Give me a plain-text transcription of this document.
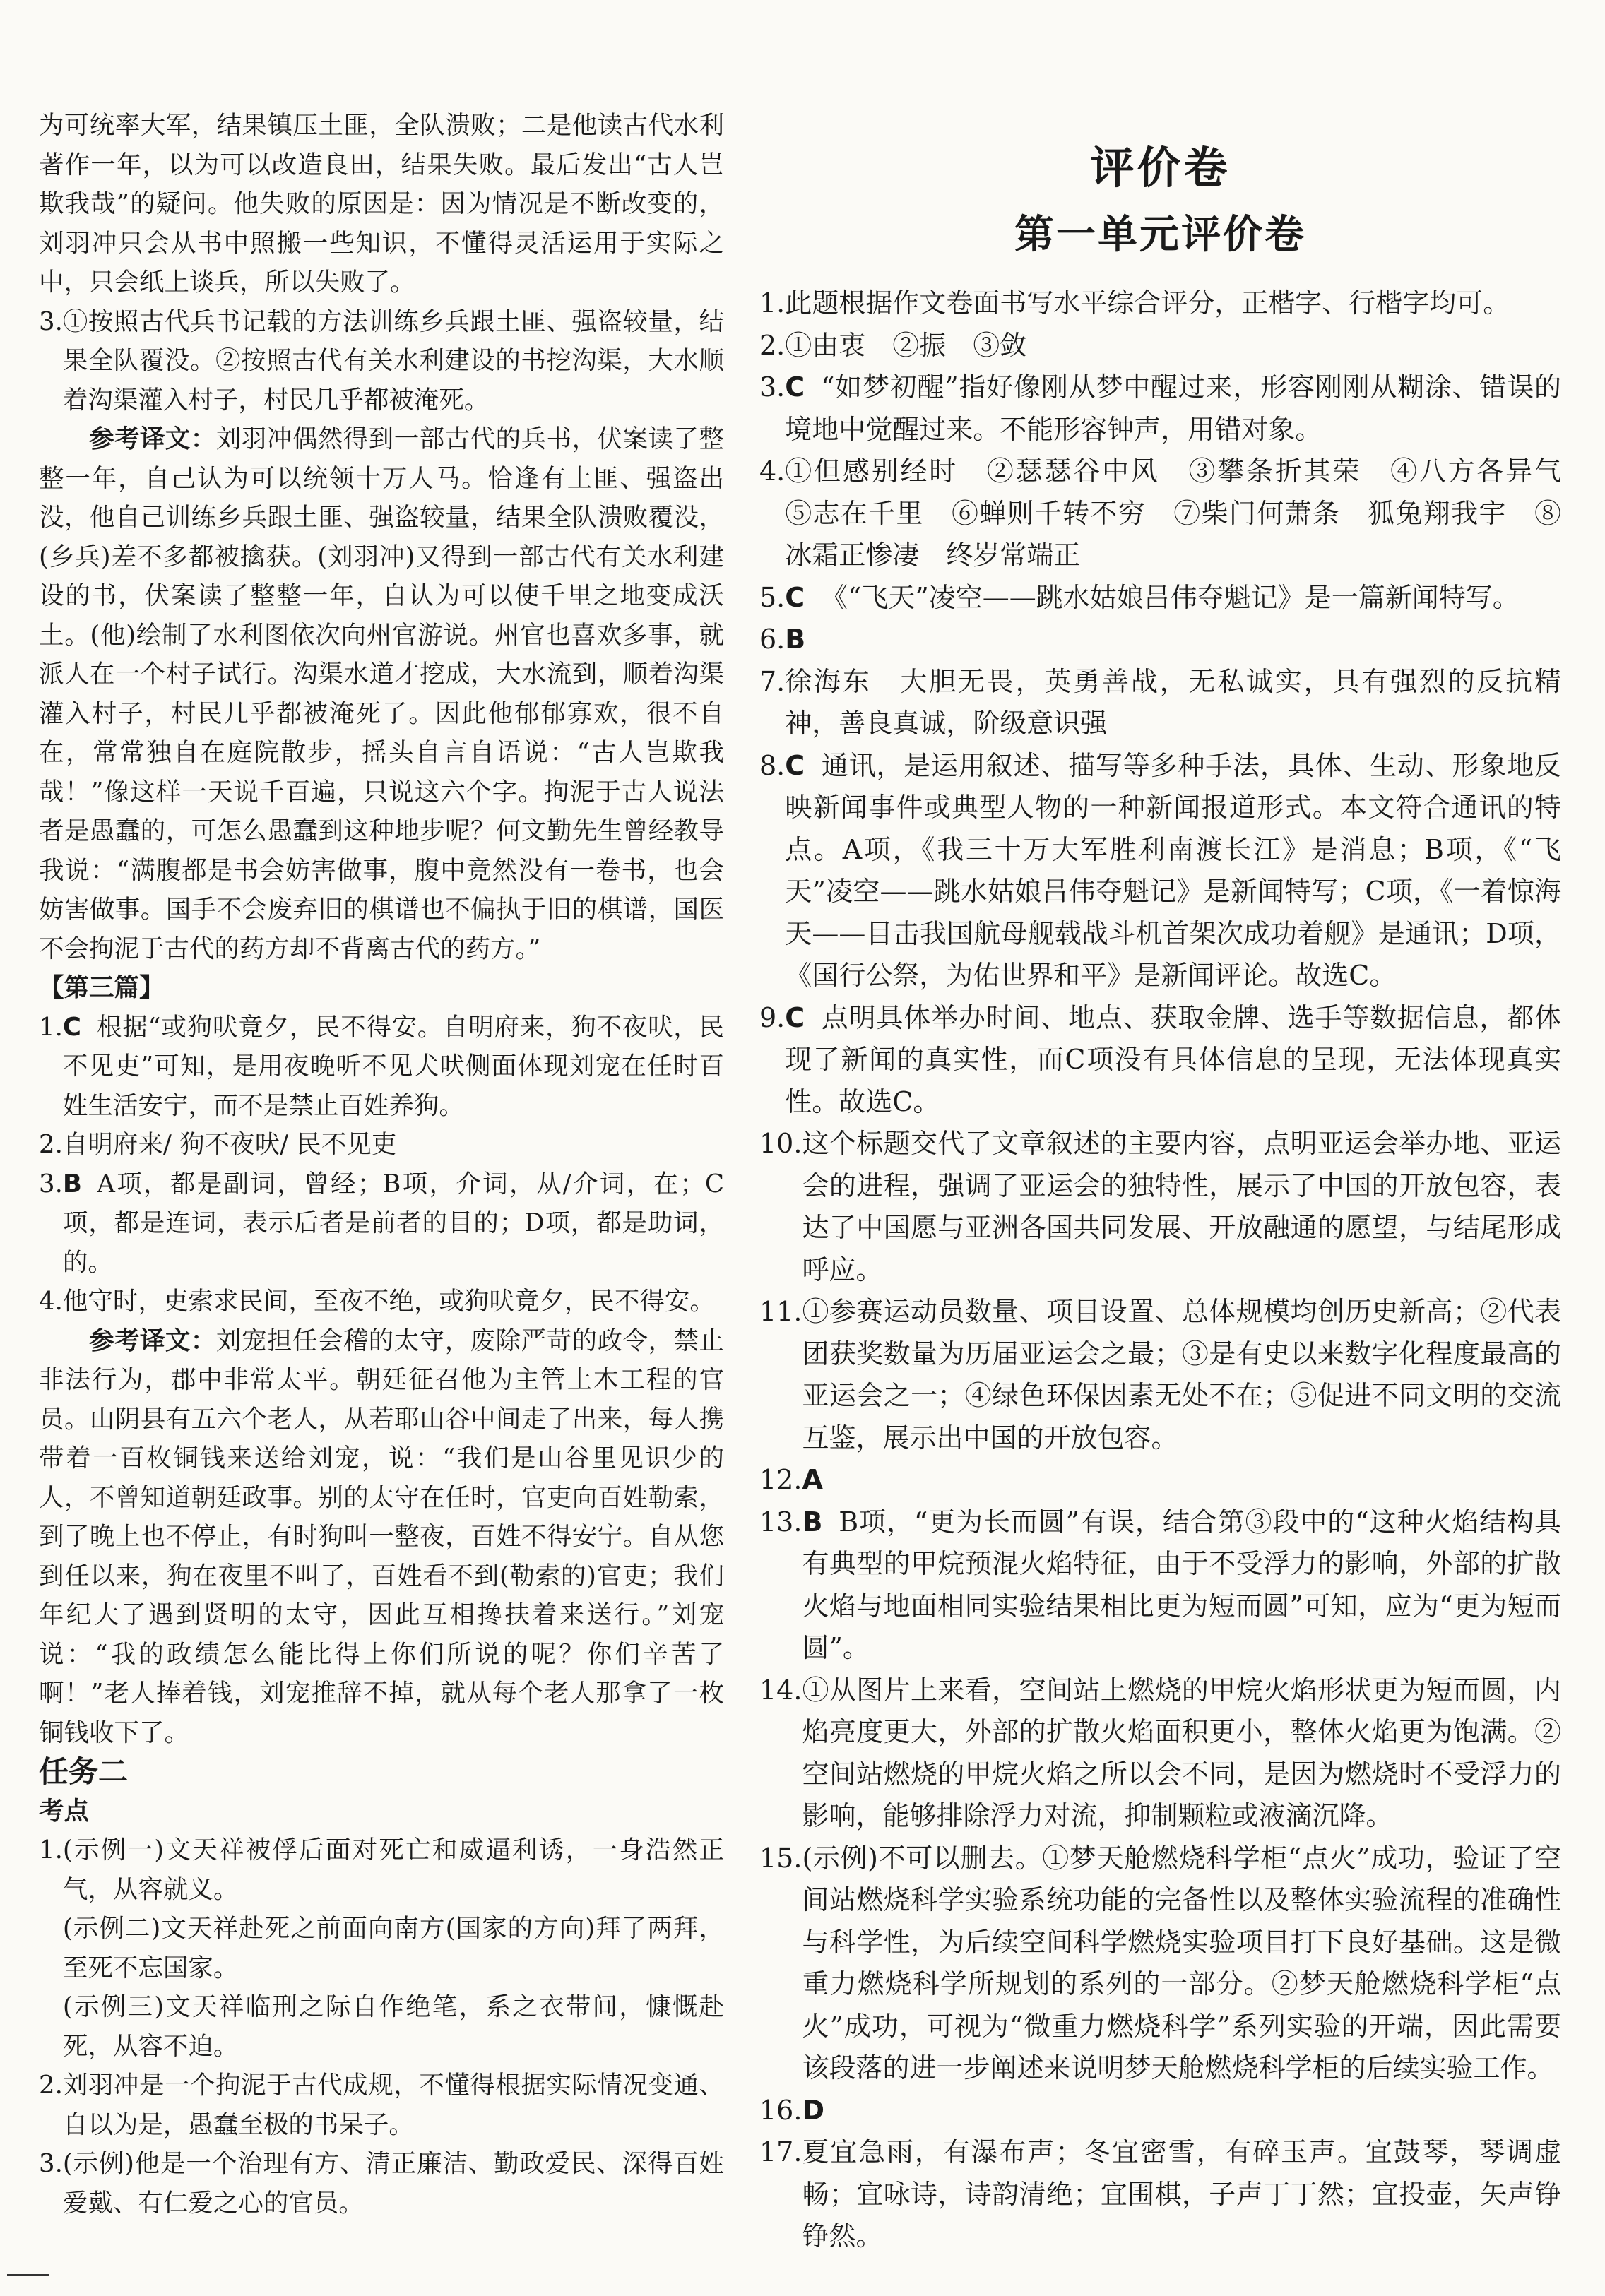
为可统率大军，结果镇压土匪，全队溃败；二是他读古代水利著作一年，以为可以改造良田，结果失败。最后发出“古人岂欺我哉”的疑问。他失败的原因是：因为情况是不断改变的，刘羽冲只会从书中照搬一些知识，不懂得灵活运用于实际之中，只会纸上谈兵，所以失败了。

3. ①按照古代兵书记载的方法训练乡兵跟土匪、强盗较量，结果全队覆没。②按照古代有关水利建设的书挖沟渠，大水顺着沟渠灌入村子，村民几乎都被淹死。

参考译文：刘羽冲偶然得到一部古代的兵书，伏案读了整整一年，自己认为可以统领十万人马。恰逢有土匪、强盗出没，他自己训练乡兵跟土匪、强盗较量，结果全队溃败覆没，(乡兵)差不多都被擒获。(刘羽冲)又得到一部古代有关水利建设的书，伏案读了整整一年，自认为可以使千里之地变成沃土。(他)绘制了水利图依次向州官游说。州官也喜欢多事，就派人在一个村子试行。沟渠水道才挖成，大水流到，顺着沟渠灌入村子，村民几乎都被淹死了。因此他郁郁寡欢，很不自在，常常独自在庭院散步，摇头自言自语说：“古人岂欺我哉！”像这样一天说千百遍，只说这六个字。拘泥于古人说法者是愚蠢的，可怎么愚蠢到这种地步呢？何文勤先生曾经教导我说：“满腹都是书会妨害做事，腹中竟然没有一卷书，也会妨害做事。国手不会废弃旧的棋谱也不偏执于旧的棋谱，国医不会拘泥于古代的药方却不背离古代的药方。”

【第三篇】
1. C 根据“或狗吠竟夕，民不得安。自明府来，狗不夜吠，民不见吏”可知，是用夜晚听不见犬吠侧面体现刘宠在任时百姓生活安宁，而不是禁止百姓养狗。
2. 自明府来/ 狗不夜吠/ 民不见吏
3. B A项，都是副词，曾经；B项，介词，从/介词，在；C项，都是连词，表示后者是前者的目的；D项，都是助词，的。
4. 他守时，吏索求民间，至夜不绝，或狗吠竟夕，民不得安。

参考译文：刘宠担任会稽的太守，废除严苛的政令，禁止非法行为，郡中非常太平。朝廷征召他为主管土木工程的官员。山阴县有五六个老人，从若耶山谷中间走了出来，每人携带着一百枚铜钱来送给刘宠，说：“我们是山谷里见识少的人，不曾知道朝廷政事。别的太守在任时，官吏向百姓勒索，到了晚上也不停止，有时狗叫一整夜，百姓不得安宁。自从您到任以来，狗在夜里不叫了，百姓看不到(勒索的)官吏；我们年纪大了遇到贤明的太守，因此互相搀扶着来送行。”刘宠说：“我的政绩怎么能比得上你们所说的呢？你们辛苦了啊！”老人捧着钱，刘宠推辞不掉，就从每个老人那拿了一枚铜钱收下了。

任务二
考点
1. (示例一)文天祥被俘后面对死亡和威逼利诱，一身浩然正气，从容就义。

(示例二)文天祥赴死之前面向南方(国家的方向)拜了两拜，至死不忘国家。

(示例三)文天祥临刑之际自作绝笔，系之衣带间，慷慨赴死，从容不迫。

2. 刘羽冲是一个拘泥于古代成规，不懂得根据实际情况变通、自以为是，愚蠢至极的书呆子。

3. (示例)他是一个治理有方、清正廉洁、勤政爱民、深得百姓爱戴、有仁爱之心的官员。

评价卷
第一单元评价卷
1. 此题根据作文卷面书写水平综合评分，正楷字、行楷字均可。
2. ①由衷　②振　③敛
3. C “如梦初醒”指好像刚从梦中醒过来，形容刚刚从糊涂、错误的境地中觉醒过来。不能形容钟声，用错对象。
4. ①但感别经时　②瑟瑟谷中风　③攀条折其荣　④八方各异气　⑤志在千里　⑥蝉则千转不穷　⑦柴门何萧条　狐兔翔我宇　⑧冰霜正惨凄　终岁常端正
5. C 《“飞天”凌空——跳水姑娘吕伟夺魁记》是一篇新闻特写。
6. B
7. 徐海东　大胆无畏，英勇善战，无私诚实，具有强烈的反抗精神，善良真诚，阶级意识强
8. C 通讯，是运用叙述、描写等多种手法，具体、生动、形象地反映新闻事件或典型人物的一种新闻报道形式。本文符合通讯的特点。A项，《我三十万大军胜利南渡长江》是消息；B项，《“飞天”凌空——跳水姑娘吕伟夺魁记》是新闻特写；C项，《一着惊海天——目击我国航母舰载战斗机首架次成功着舰》是通讯；D项，《国行公祭，为佑世界和平》是新闻评论。故选C。
9. C 点明具体举办时间、地点、获取金牌、选手等数据信息，都体现了新闻的真实性，而C项没有具体信息的呈现，无法体现真实性。故选C。
10. 这个标题交代了文章叙述的主要内容，点明亚运会举办地、亚运会的进程，强调了亚运会的独特性，展示了中国的开放包容，表达了中国愿与亚洲各国共同发展、开放融通的愿望，与结尾形成呼应。
11. ①参赛运动员数量、项目设置、总体规模均创历史新高；②代表团获奖数量为历届亚运会之最；③是有史以来数字化程度最高的亚运会之一；④绿色环保因素无处不在；⑤促进不同文明的交流互鉴，展示出中国的开放包容。
12. A
13. B B项，“更为长而圆”有误，结合第③段中的“这种火焰结构具有典型的甲烷预混火焰特征，由于不受浮力的影响，外部的扩散火焰与地面相同实验结果相比更为短而圆”可知，应为“更为短而圆”。
14. ①从图片上来看，空间站上燃烧的甲烷火焰形状更为短而圆，内焰亮度更大，外部的扩散火焰面积更小，整体火焰更为饱满。②空间站燃烧的甲烷火焰之所以会不同，是因为燃烧时不受浮力的影响，能够排除浮力对流，抑制颗粒或液滴沉降。
15. (示例)不可以删去。①梦天舱燃烧科学柜“点火”成功，验证了空间站燃烧科学实验系统功能的完备性以及整体实验流程的准确性与科学性，为后续空间科学燃烧实验项目打下良好基础。这是微重力燃烧科学所规划的系列的一部分。②梦天舱燃烧科学柜“点火”成功，可视为“微重力燃烧科学”系列实验的开端，因此需要该段落的进一步阐述来说明梦天舱燃烧科学柜的后续实验工作。
16. D
17. 夏宜急雨，有瀑布声；冬宜密雪，有碎玉声。宜鼓琴，琴调虚畅；宜咏诗，诗韵清绝；宜围棋，子声丁丁然；宜投壶，矢声铮铮然。
